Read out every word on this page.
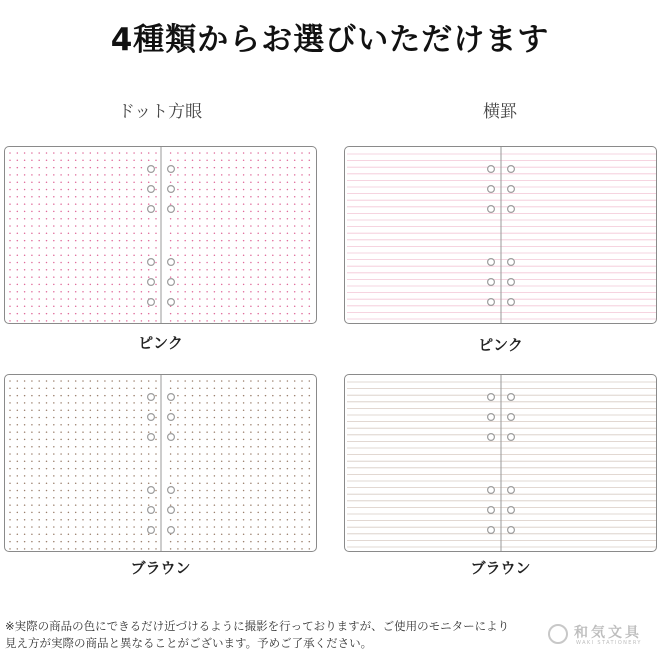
4種類からお選びいただけます
ドット方眼	横罫
ピンク	ピンク
ブラウン	ブラウン
※実際の商品の色にできるだけ近づけるように撮影を行っておりますが、ご使用のモニターにより
見え方が実際の商品と異なることがございます。予めご了承ください。
和気文具
WAKI STATIONERY
